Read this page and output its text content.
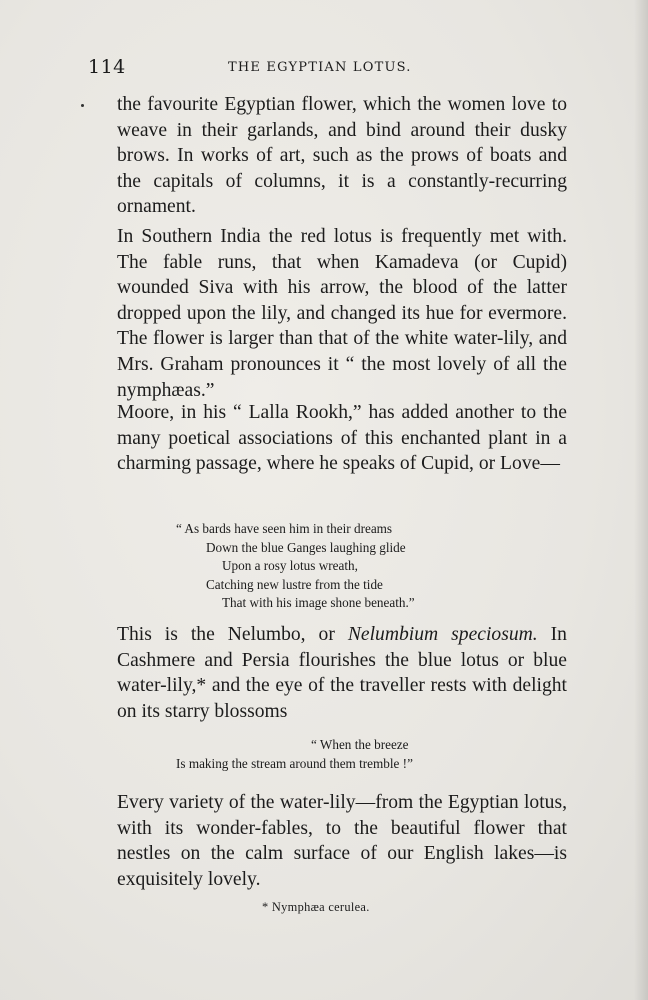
114	THE EGYPTIAN LOTUS.

the favourite Egyptian flower, which the women love to weave in their garlands, and bind around their dusky brows. In works of art, such as the prows of boats and the capitals of columns, it is a constantly-recurring ornament.

In Southern India the red lotus is frequently met with. The fable runs, that when Kamadeva (or Cupid) wounded Siva with his arrow, the blood of the latter dropped upon the lily, and changed its hue for evermore. The flower is larger than that of the white water-lily, and Mrs. Graham pronounces it “ the most lovely of all the nymphæas.”

Moore, in his “ Lalla Rookh,” has added another to the many poetical associations of this enchanted plant in a charming passage, where he speaks of Cupid, or Love—

“ As bards have seen him in their dreams
Down the blue Ganges laughing glide
Upon a rosy lotus wreath,
Catching new lustre from the tide
That with his image shone beneath.”

This is the Nelumbo, or Nelumbium speciosum. In Cashmere and Persia flourishes the blue lotus or blue water-lily,* and the eye of the traveller rests with delight on its starry blossoms

“ When the breeze
Is making the stream around them tremble !”

Every variety of the water-lily—from the Egyptian lotus, with its wonder-fables, to the beautiful flower that nestles on the calm surface of our English lakes—is exquisitely lovely.

* Nymphæa cerulea.
